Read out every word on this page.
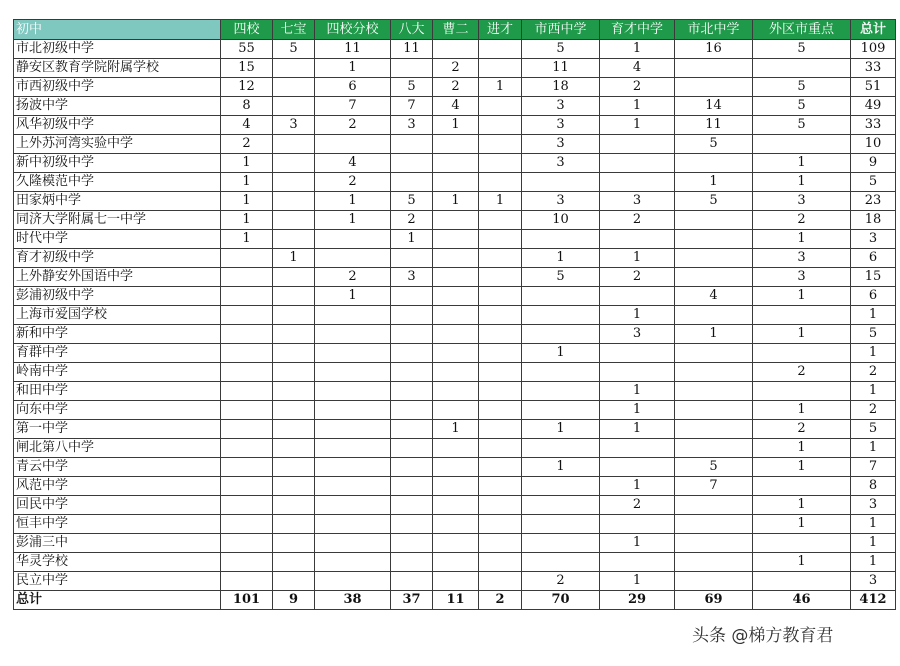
初中	四校	七宝	四校分校	八大	曹二	进才	市西中学	育才中学	市北中学	外区市重点	总计
市北初级中学	55	5	11	11			5	1	16	5	109
静安区教育学院附属学校	15		1		2		11	4			33
市西初级中学	12		6	5	2	1	18	2		5	51
扬波中学	8		7	7	4		3	1	14	5	49
风华初级中学	4	3	2	3	1		3	1	11	5	33
上外苏河湾实验中学	2						3		5		10
新中初级中学	1		4				3			1	9
久隆模范中学	1		2						1	1	5
田家炳中学	1		1	5	1	1	3	3	5	3	23
同济大学附属七一中学	1		1	2			10	2		2	18
时代中学	1			1						1	3
育才初级中学		1					1	1		3	6
上外静安外国语中学			2	3			5	2		3	15
彭浦初级中学			1						4	1	6
上海市爱国学校								1			1
新和中学								3	1	1	5
育群中学							1				1
岭南中学										2	2
和田中学								1			1
向东中学								1		1	2
第一中学					1		1	1		2	5
闸北第八中学										1	1
青云中学							1		5	1	7
风范中学								1	7		8
回民中学								2		1	3
恒丰中学										1	1
彭浦三中								1			1
华灵学校										1	1
民立中学							2	1			3
总计	101	9	38	37	11	2	70	29	69	46	412
头条 @梯方教育君
